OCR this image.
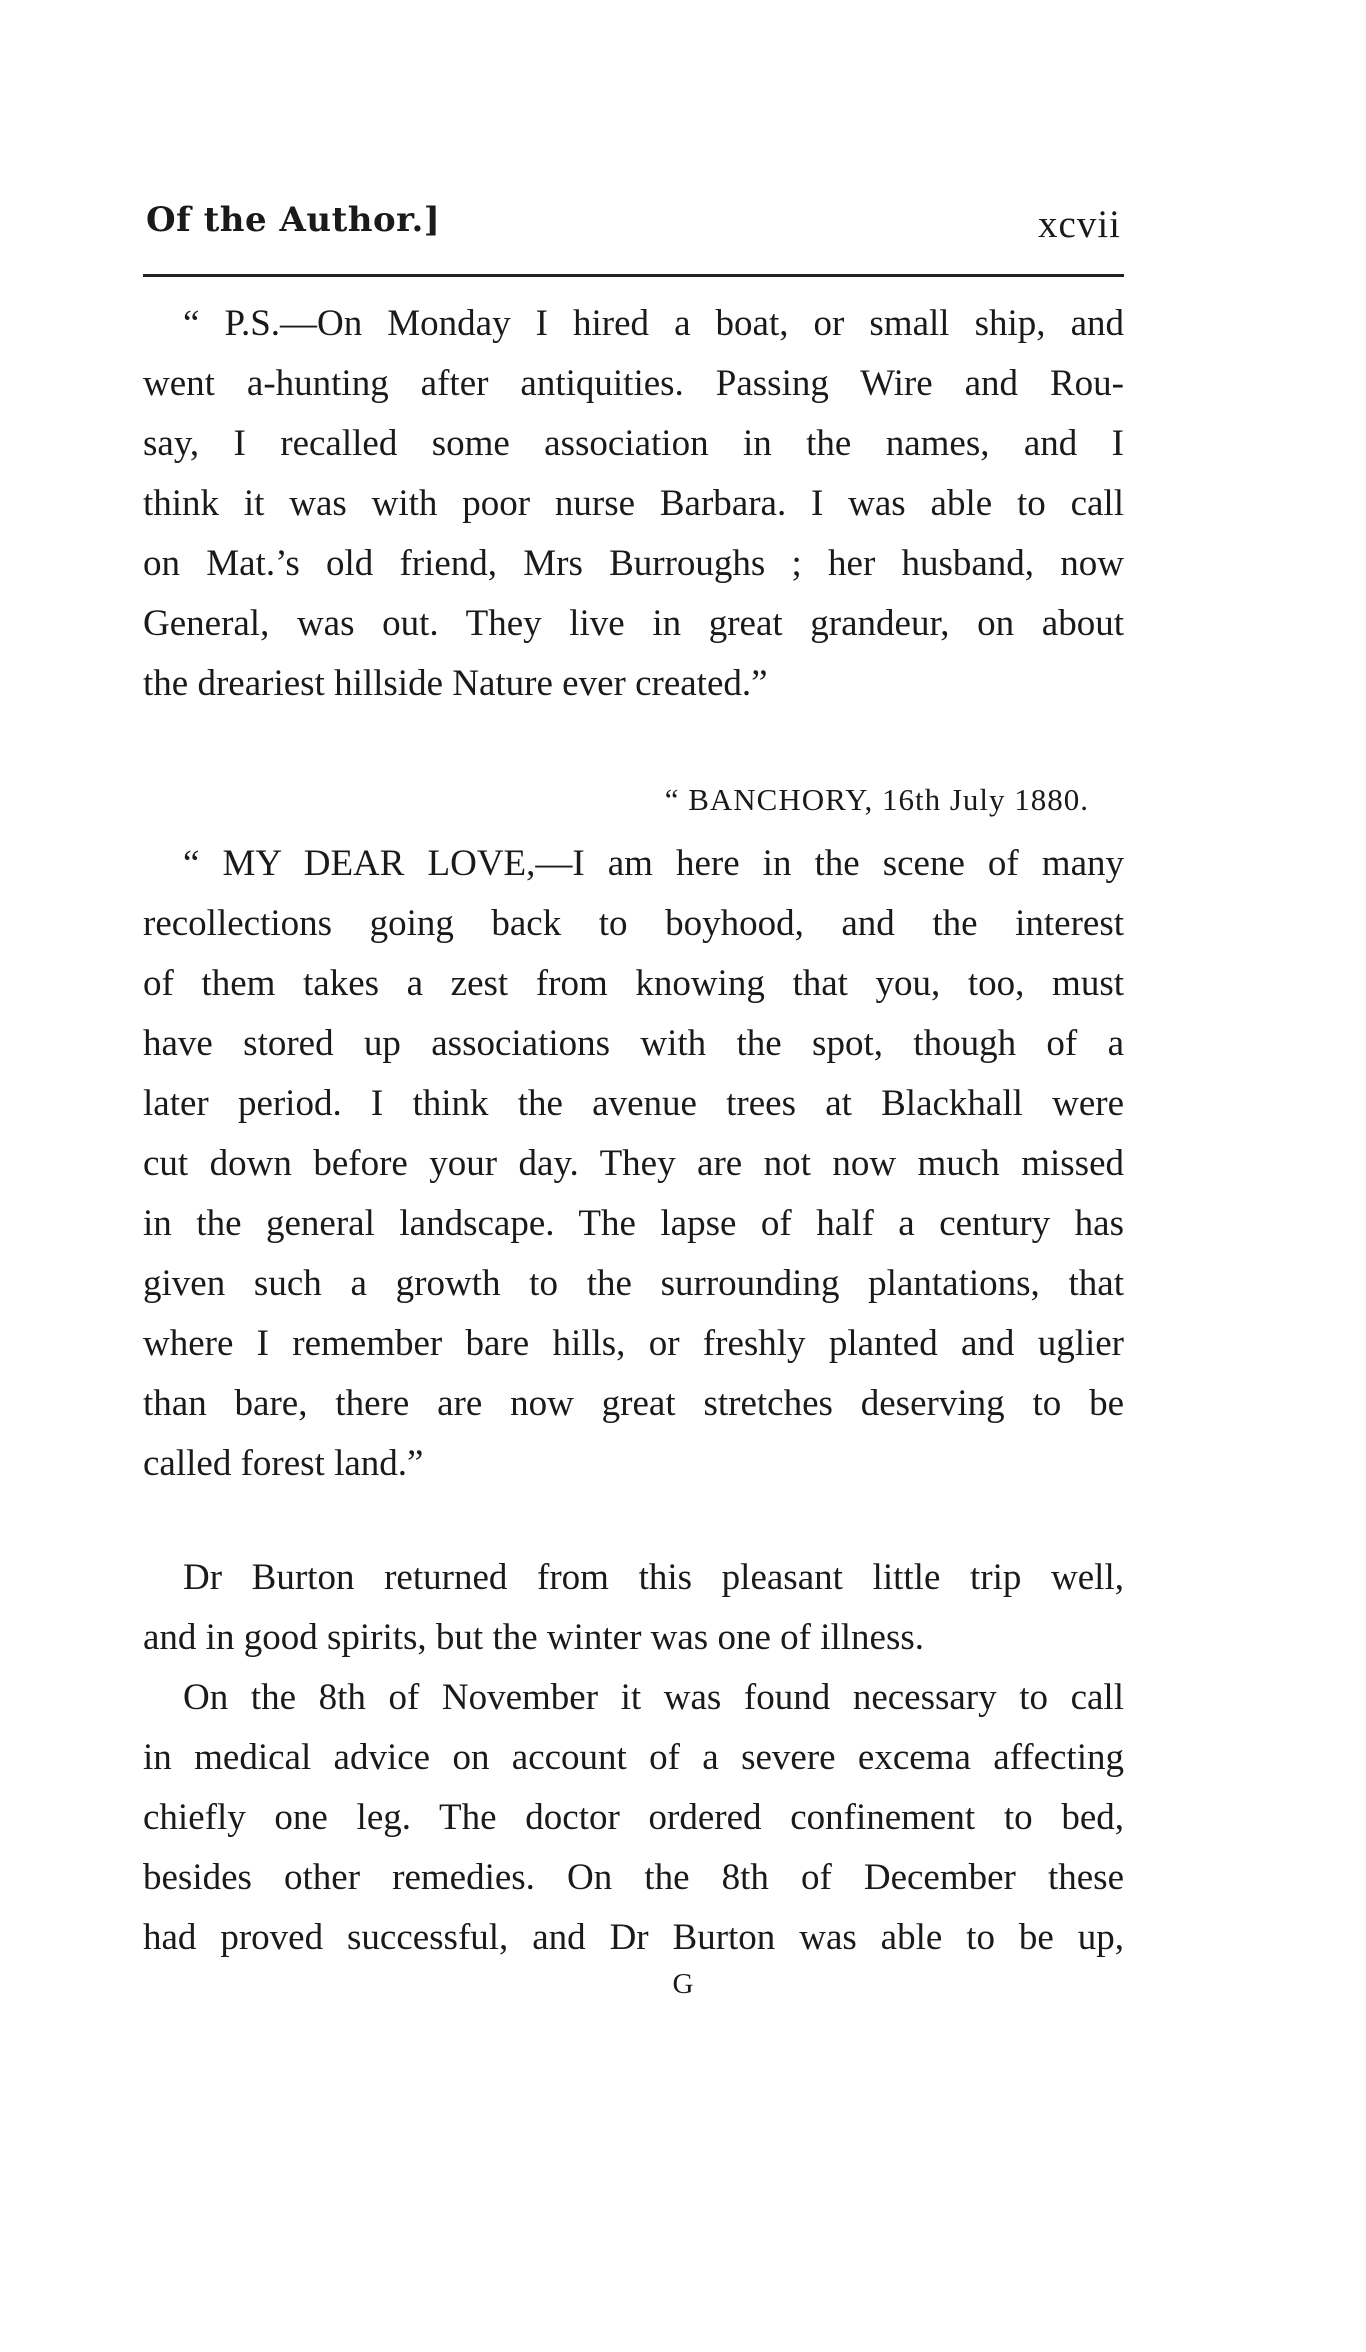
Of the Author.]	xcvii

“ P.S.—On Monday I hired a boat, or small ship, and
went a-hunting after antiquities. Passing Wire and Rou-
say, I recalled some association in the names, and I
think it was with poor nurse Barbara. I was able to call
on Mat.’s old friend, Mrs Burroughs ; her husband, now
General, was out. They live in great grandeur, on about
the dreariest hillside Nature ever created.”

“ BANCHORY, 16th July 1880.

“ MY DEAR LOVE,—I am here in the scene of many
recollections going back to boyhood, and the interest
of them takes a zest from knowing that you, too, must
have stored up associations with the spot, though of a
later period. I think the avenue trees at Blackhall were
cut down before your day. They are not now much missed
in the general landscape. The lapse of half a century has
given such a growth to the surrounding plantations, that
where I remember bare hills, or freshly planted and uglier
than bare, there are now great stretches deserving to be
called forest land.”

Dr Burton returned from this pleasant little trip well,
and in good spirits, but the winter was one of illness.

On the 8th of November it was found necessary to call
in medical advice on account of a severe excema affecting
chiefly one leg. The doctor ordered confinement to bed,
besides other remedies. On the 8th of December these
had proved successful, and Dr Burton was able to be up,

G
